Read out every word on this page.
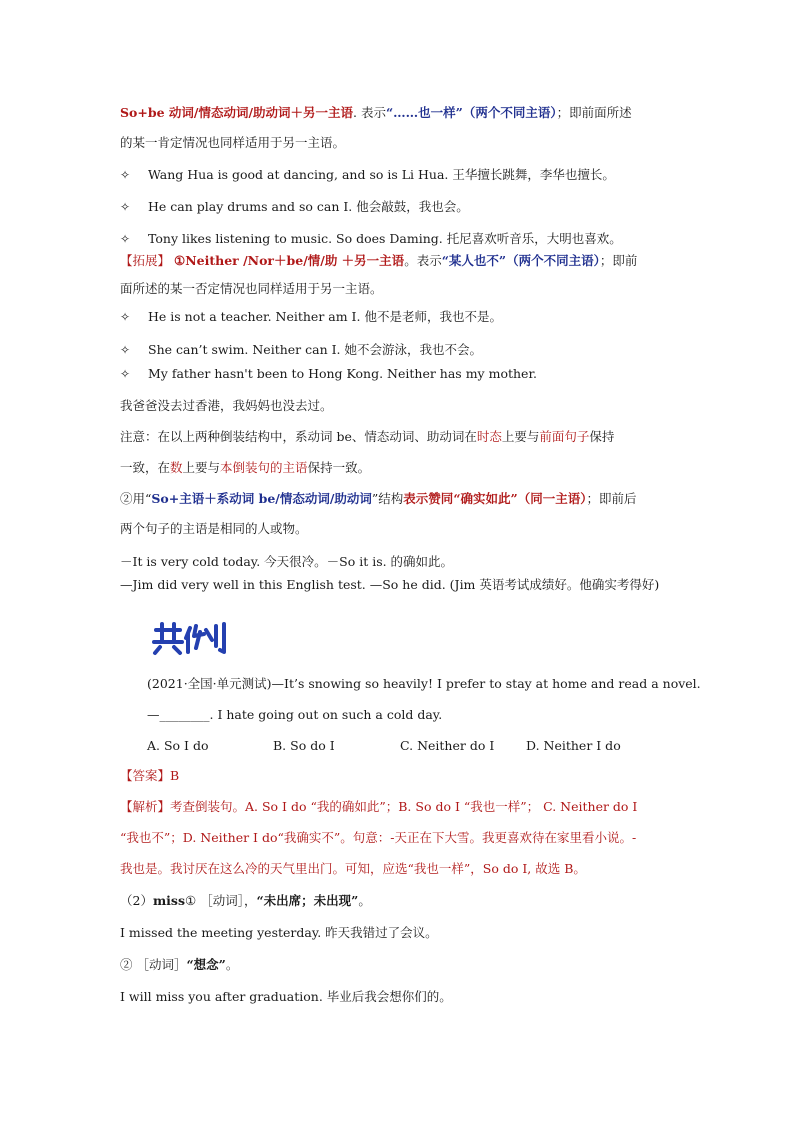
So+be 动词/情态动词/助动词＋另一主语. 表示“……也一样”（两个不同主语）；即前面所述
的某一肯定情况也同样适用于另一主语。
✧ Wang Hua is good at dancing, and so is Li Hua. 王华擅长跳舞，李华也擅长。
✧ He can play drums and so can I. 他会敲鼓，我也会。
✧ Tony likes listening to music. So does Daming. 托尼喜欢听音乐，大明也喜欢。
【拓展】 ①Neither /Nor＋be/情/助 ＋另一主语。表示“某人也不”（两个不同主语）；即前
面所述的某一否定情况也同样适用于另一主语。
✧ He is not a teacher. Neither am I. 他不是老师，我也不是。
✧ She can’t swim. Neither can I. 她不会游泳，我也不会。
✧ My father hasn't been to Hong Kong. Neither has my mother.
我爸爸没去过香港，我妈妈也没去过。
注意：在以上两种倒装结构中，系动词 be、情态动词、助动词在时态上要与前面句子保持
一致，在数上要与本倒装句的主语保持一致。
②用“So+主语＋系动词 be/情态动词/助动词”结构表示赞同“确实如此”（同一主语）；即前后
两个句子的主语是相同的人或物。
－It is very cold today. 今天很冷。－So it is. 的确如此。
—Jim did very well in this English test. —So he did. (Jim 英语考试成绩好。他确实考得好)
(2021·全国·单元测试)—It’s snowing so heavily! I prefer to stay at home and read a novel.
—________. I hate going out on such a cold day.
A. So I do	B. So do I	C. Neither do I	D. Neither I do
【答案】B
【解析】考查倒装句。A. So I do “我的确如此”；B. So do I “我也一样”； C. Neither do I
“我也不”；D. Neither I do“我确实不”。句意：-天正在下大雪。我更喜欢待在家里看小说。-
我也是。我讨厌在这么冷的天气里出门。可知，应选“我也一样”，So do I, 故选 B。
（2）miss① ［动词］，“未出席；未出现”。
I missed the meeting yesterday. 昨天我错过了会议。
② ［动词］“想念”。
I will miss you after graduation. 毕业后我会想你们的。
